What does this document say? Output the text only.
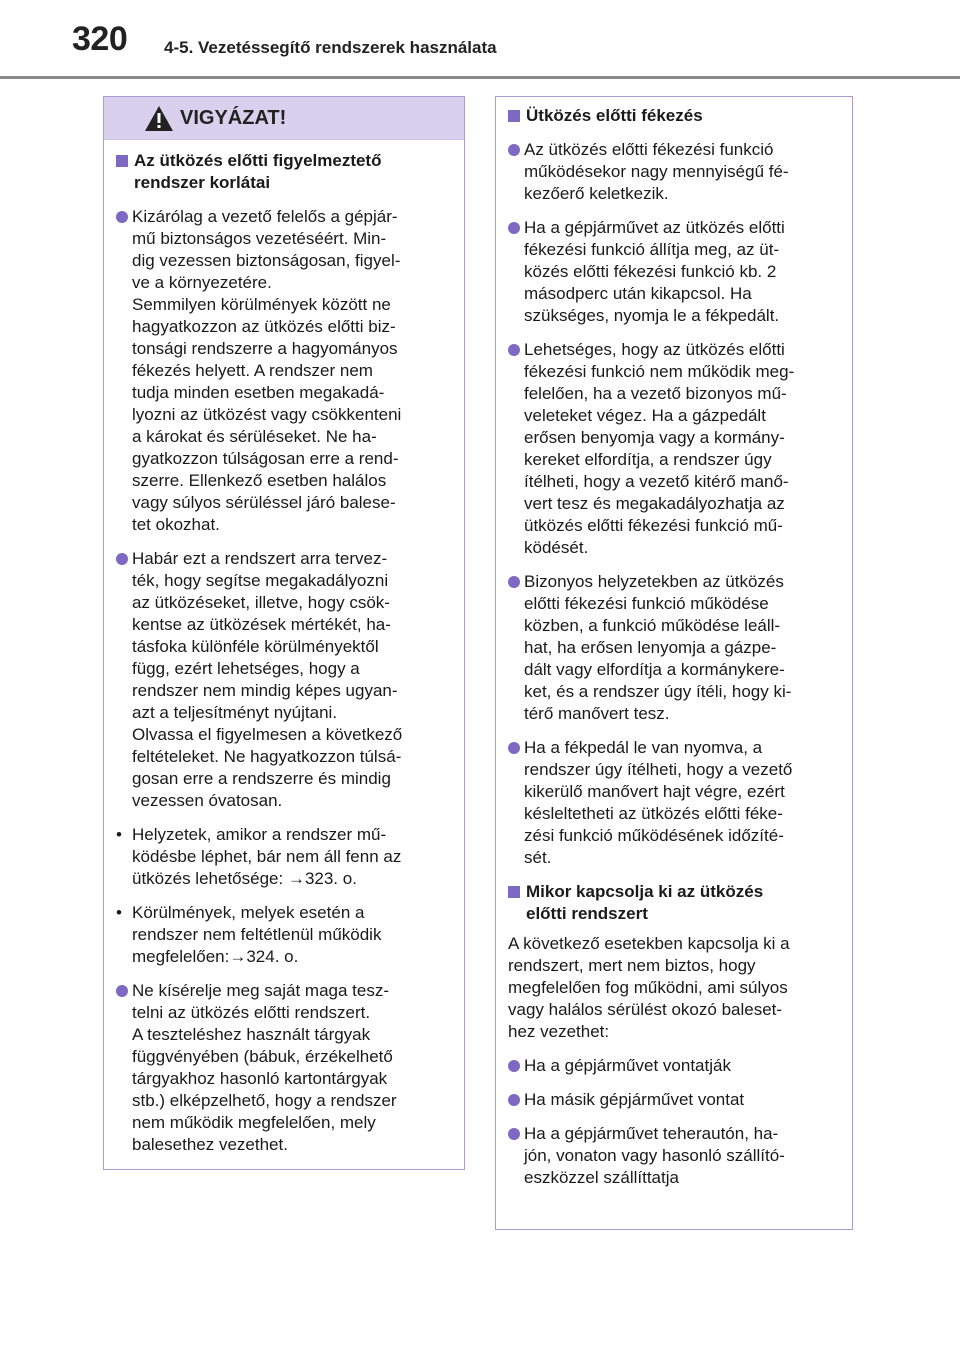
320 4-5. Vezetéssegítő rendszerek használata
VIGYÁZAT!
Az ütközés előtti figyelmeztető
rendszer korlátai
Kizárólag a vezető felelős a gépjár-
mű biztonságos vezetéséért. Min-
dig vezessen biztonságosan, figyel-
ve a környezetére.
Semmilyen körülmények között ne
hagyatkozzon az ütközés előtti biz-
tonsági rendszerre a hagyományos
fékezés helyett. A rendszer nem
tudja minden esetben megakadá-
lyozni az ütközést vagy csökkenteni
a károkat és sérüléseket. Ne ha-
gyatkozzon túlságosan erre a rend-
szerre. Ellenkező esetben halálos
vagy súlyos sérüléssel járó balese-
tet okozhat.
Habár ezt a rendszert arra tervez-
ték, hogy segítse megakadályozni
az ütközéseket, illetve, hogy csök-
kentse az ütközések mértékét, ha-
tásfoka különféle körülményektől
függ, ezért lehetséges, hogy a
rendszer nem mindig képes ugyan-
azt a teljesítményt nyújtani.
Olvassa el figyelmesen a következő
feltételeket. Ne hagyatkozzon túlsá-
gosan erre a rendszerre és mindig
vezessen óvatosan.
• Helyzetek, amikor a rendszer mű-
ködésbe léphet, bár nem áll fenn az
ütközés lehetősége: →323. o.
• Körülmények, melyek esetén a
rendszer nem feltétlenül működik
megfelelően:→324. o.
Ne kísérelje meg saját maga tesz-
telni az ütközés előtti rendszert.
A teszteléshez használt tárgyak
függvényében (bábuk, érzékelhető
tárgyakhoz hasonló kartontárgyak
stb.) elképzelhető, hogy a rendszer
nem működik megfelelően, mely
balesethez vezethet.
Ütközés előtti fékezés
Az ütközés előtti fékezési funkció
működésekor nagy mennyiségű fé-
kezőerő keletkezik.
Ha a gépjárművet az ütközés előtti
fékezési funkció állítja meg, az üt-
közés előtti fékezési funkció kb. 2
másodperc után kikapcsol. Ha
szükséges, nyomja le a fékpedált.
Lehetséges, hogy az ütközés előtti
fékezési funkció nem működik meg-
felelően, ha a vezető bizonyos mű-
veleteket végez. Ha a gázpedált
erősen benyomja vagy a kormány-
kereket elfordítja, a rendszer úgy
ítélheti, hogy a vezető kitérő manő-
vert tesz és megakadályozhatja az
ütközés előtti fékezési funkció mű-
ködését.
Bizonyos helyzetekben az ütközés
előtti fékezési funkció működése
közben, a funkció működése leáll-
hat, ha erősen lenyomja a gázpe-
dált vagy elfordítja a kormánykere-
ket, és a rendszer úgy ítéli, hogy ki-
térő manővert tesz.
Ha a fékpedál le van nyomva, a
rendszer úgy ítélheti, hogy a vezető
kikerülő manővert hajt végre, ezért
késleltetheti az ütközés előtti féke-
zési funkció működésének időzíté-
sét.
Mikor kapcsolja ki az ütközés
előtti rendszert
A következő esetekben kapcsolja ki a
rendszert, mert nem biztos, hogy
megfelelően fog működni, ami súlyos
vagy halálos sérülést okozó baleset-
hez vezethet:
Ha a gépjárművet vontatják
Ha másik gépjárművet vontat
Ha a gépjárművet teherautón, ha-
jón, vonaton vagy hasonló szállító-
eszközzel szállíttatja
